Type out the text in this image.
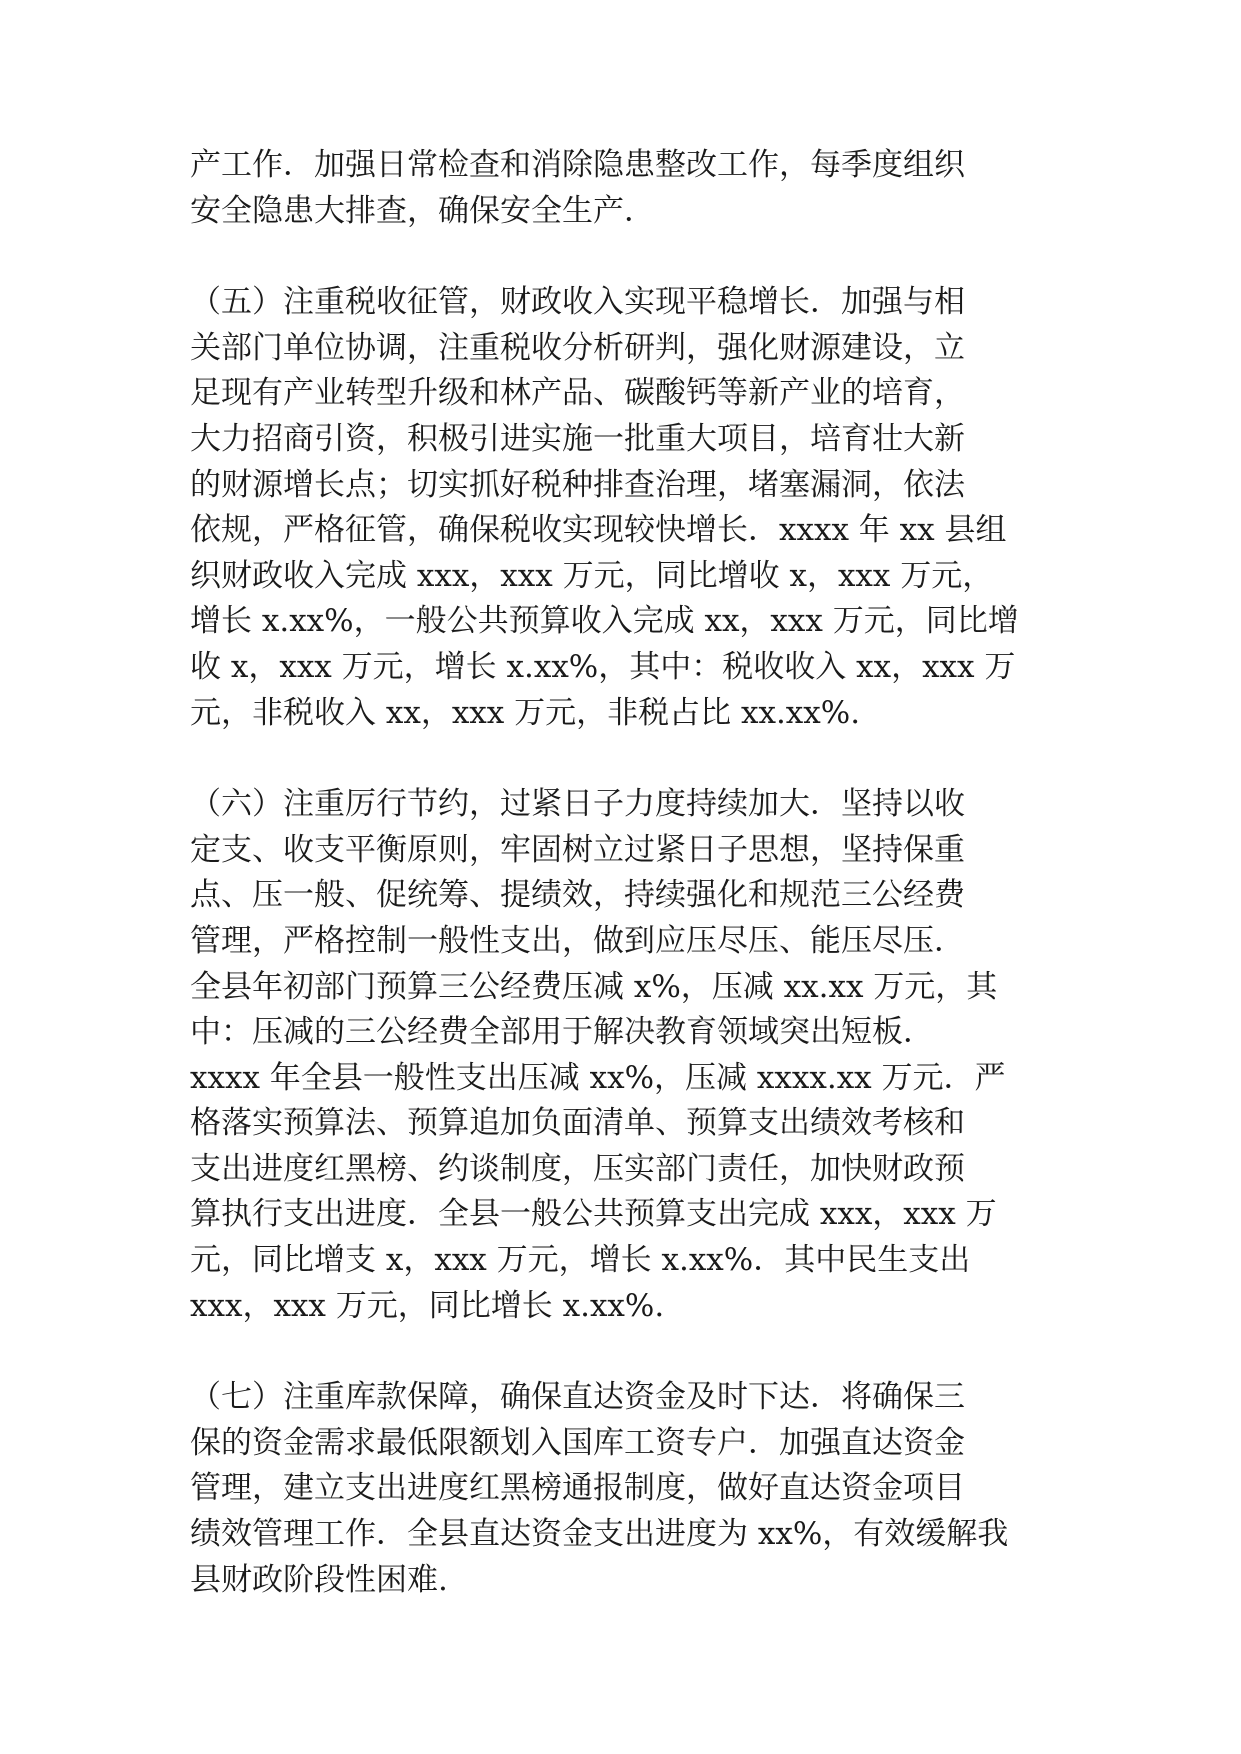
产工作．加强日常检查和消除隐患整改工作，每季度组织
安全隐患大排查，确保安全生产．

（五）注重税收征管，财政收入实现平稳增长．加强与相
关部门单位协调，注重税收分析研判，强化财源建设，立
足现有产业转型升级和林产品、碳酸钙等新产业的培育，
大力招商引资，积极引进实施一批重大项目，培育壮大新
的财源增长点；切实抓好税种排查治理，堵塞漏洞，依法
依规，严格征管，确保税收实现较快增长．xxxx 年 xx 县组
织财政收入完成 xxx，xxx 万元，同比增收 x，xxx 万元，
增长 x.xx%，一般公共预算收入完成 xx，xxx 万元，同比增
收 x，xxx 万元，增长 x.xx%，其中：税收收入 xx，xxx 万
元，非税收入 xx，xxx 万元，非税占比 xx.xx%.

（六）注重厉行节约，过紧日子力度持续加大．坚持以收
定支、收支平衡原则，牢固树立过紧日子思想，坚持保重
点、压一般、促统筹、提绩效，持续强化和规范三公经费
管理，严格控制一般性支出，做到应压尽压、能压尽压．
全县年初部门预算三公经费压减 x%，压减 xx.xx 万元，其
中：压减的三公经费全部用于解决教育领域突出短板．
xxxx 年全县一般性支出压减 xx%，压减 xxxx.xx 万元．严
格落实预算法、预算追加负面清单、预算支出绩效考核和
支出进度红黑榜、约谈制度，压实部门责任，加快财政预
算执行支出进度．全县一般公共预算支出完成 xxx，xxx 万
元，同比增支 x，xxx 万元，增长 x.xx%．其中民生支出
xxx，xxx 万元，同比增长 x.xx%.

（七）注重库款保障，确保直达资金及时下达．将确保三
保的资金需求最低限额划入国库工资专户．加强直达资金
管理，建立支出进度红黑榜通报制度，做好直达资金项目
绩效管理工作．全县直达资金支出进度为 xx%，有效缓解我
县财政阶段性困难.
